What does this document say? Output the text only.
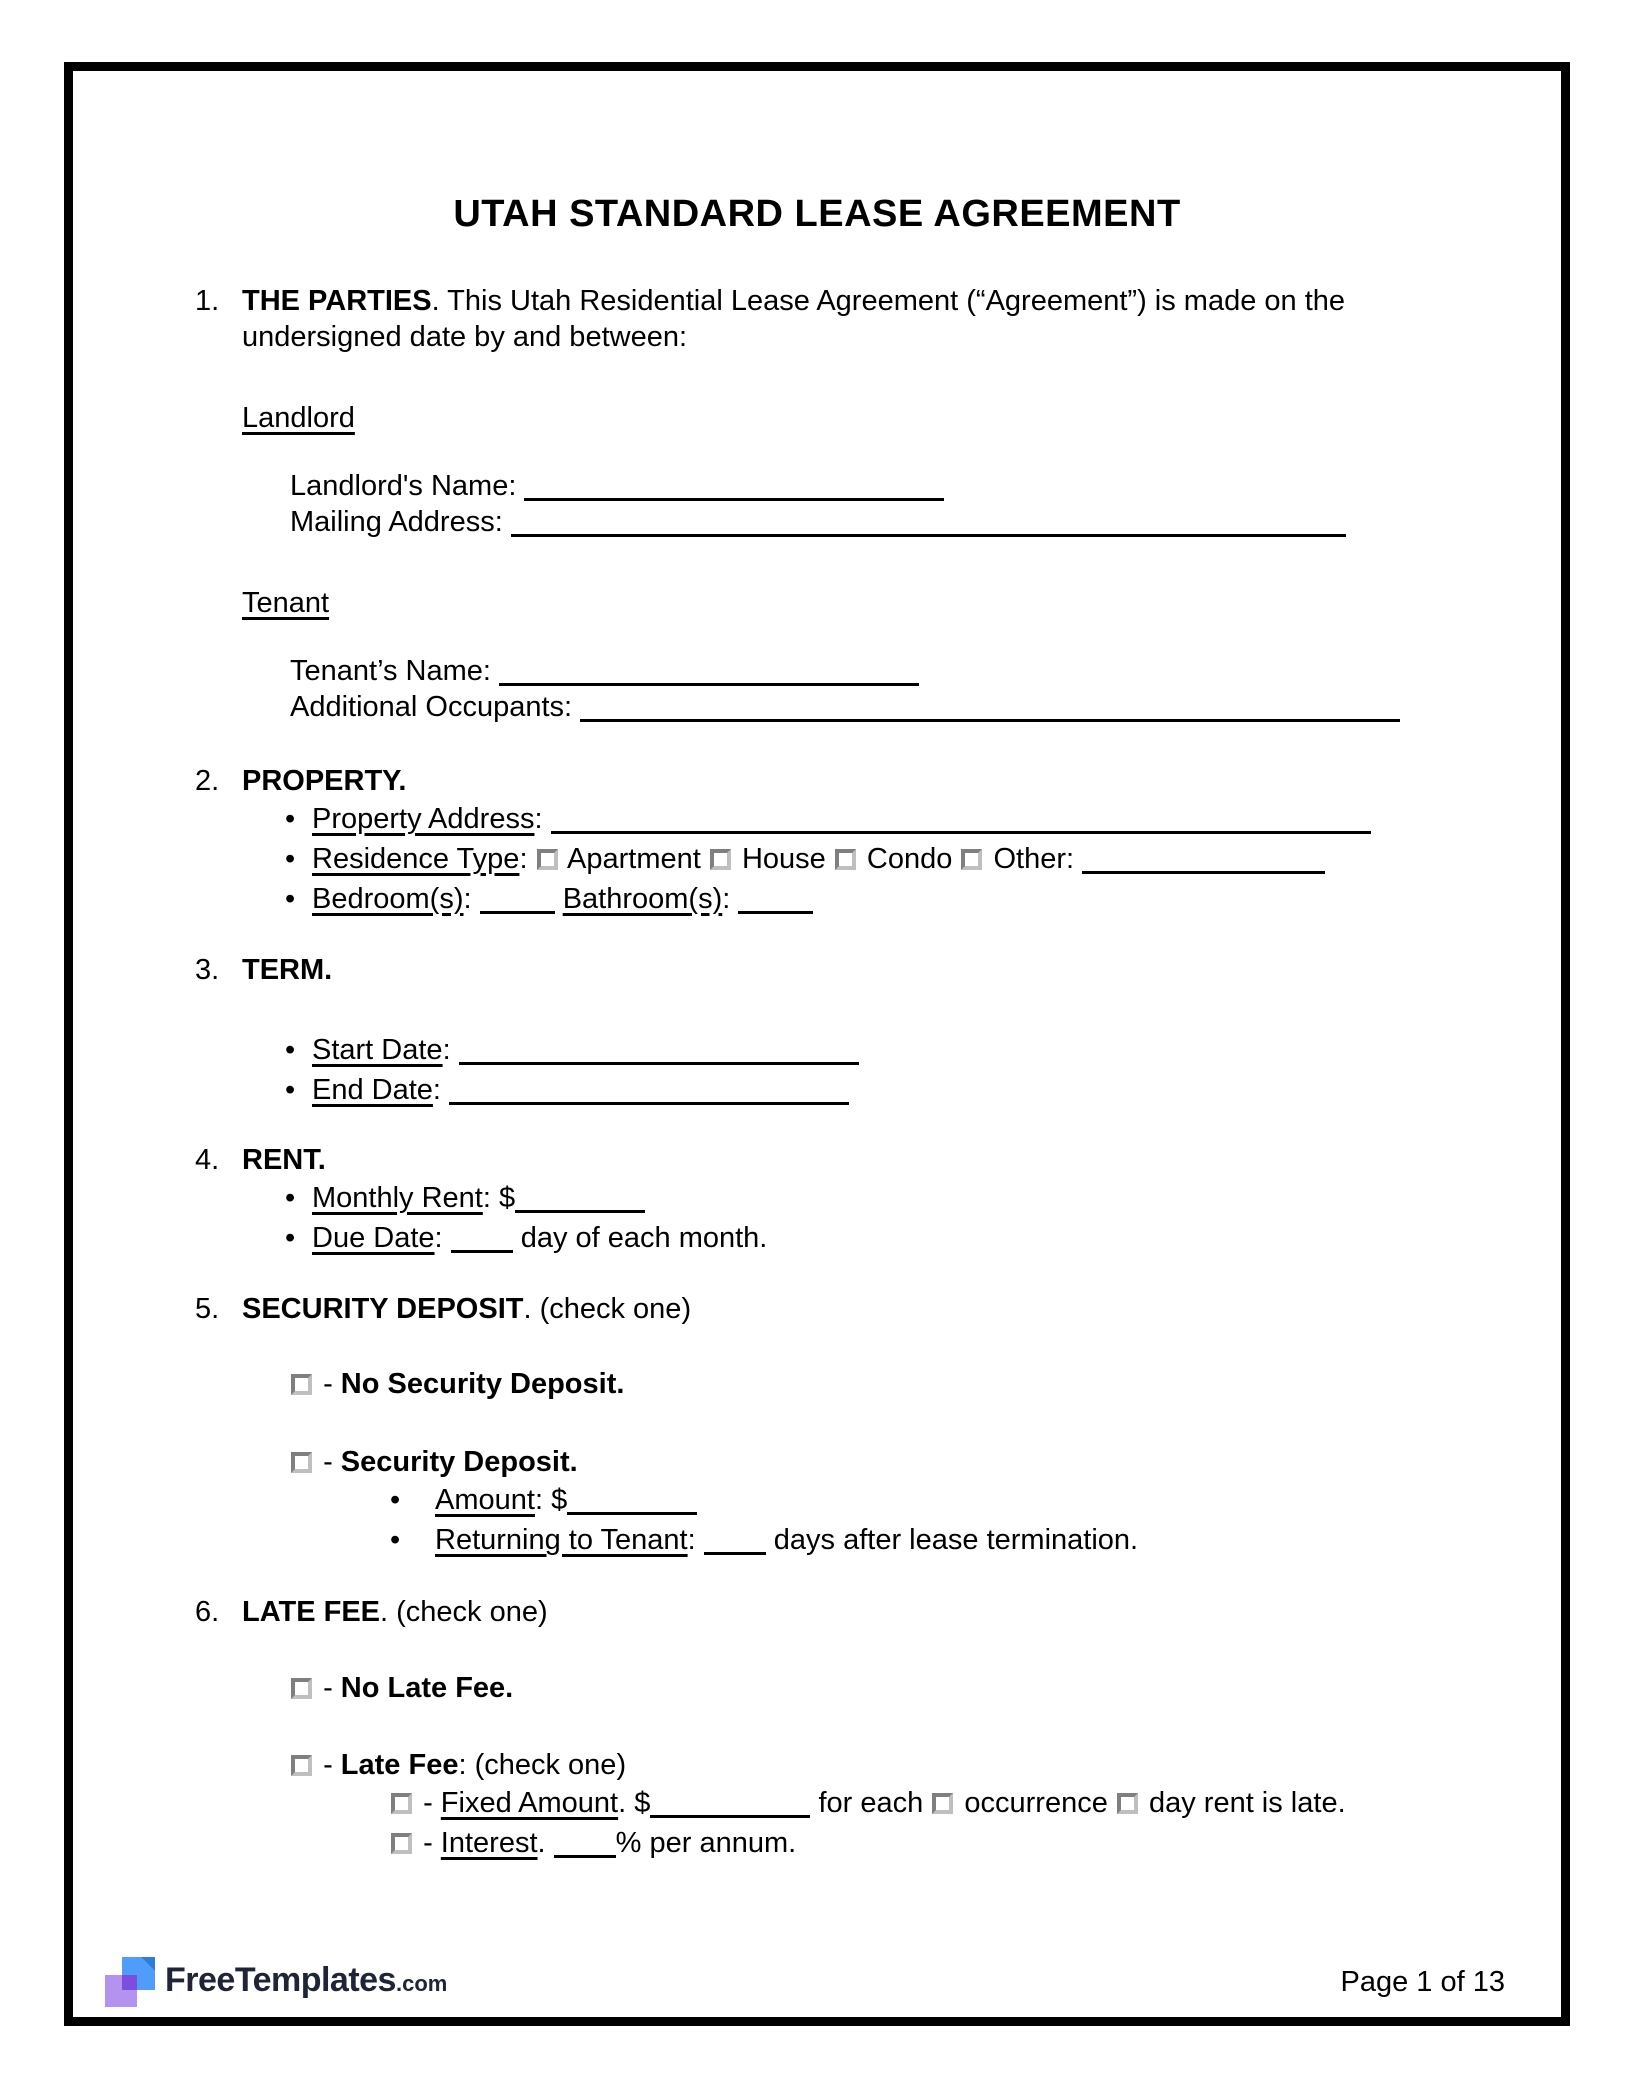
UTAH STANDARD LEASE AGREEMENT
1. THE PARTIES. This Utah Residential Lease Agreement (“Agreement”) is made on the
undersigned date by and between:
Landlord
Landlord's Name:
Mailing Address:
Tenant
Tenant’s Name:
Additional Occupants:
2. PROPERTY.
•
Property Address:
•
Residence Type: Apartment House Condo Other:
•
Bedroom(s):	Bathroom(s):
3. TERM.
•
Start Date:
•
End Date:
4. RENT.
•
Monthly Rent: $
•
Due Date:	day of each month.
5. SECURITY DEPOSIT. (check one)
- No Security Deposit.
- Security Deposit.
•
Amount: $
•
Returning to Tenant:	days after lease termination.
6. LATE FEE. (check one)
- No Late Fee.
- Late Fee: (check one)
- Fixed Amount. $	for each occurrence day rent is late.
- Interest. % per annum.
FreeTemplates.com	Page 1 of 13
